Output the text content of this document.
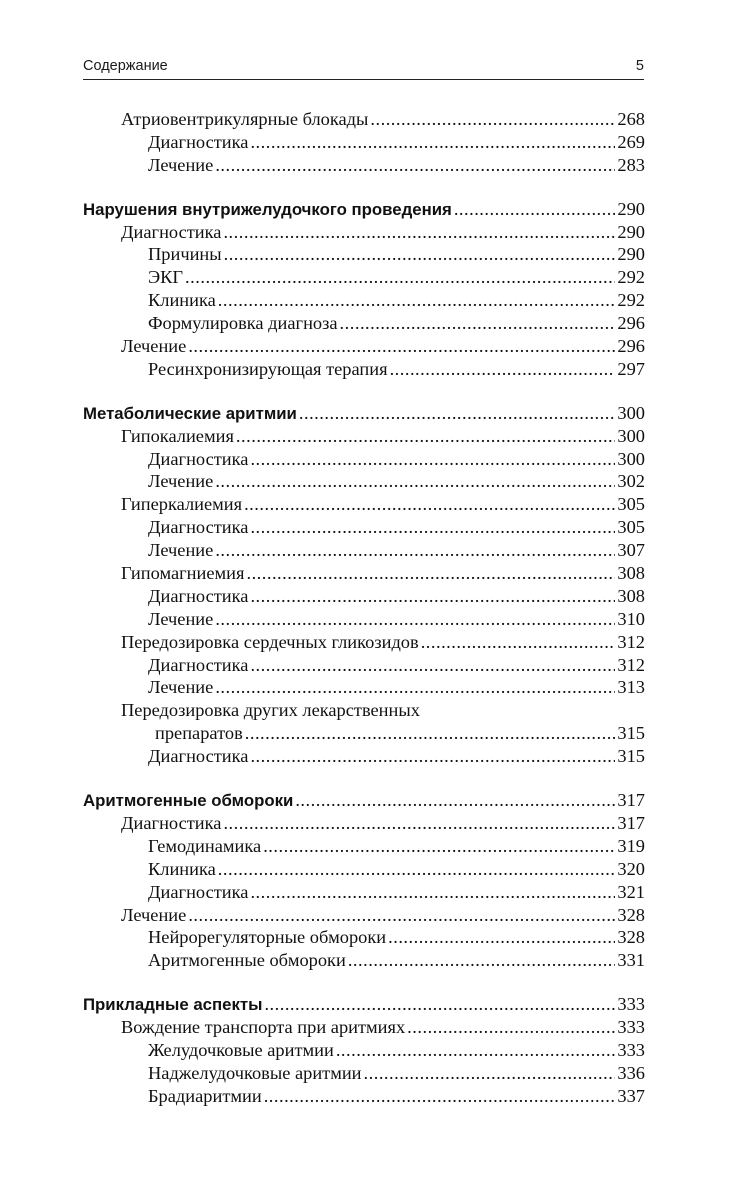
Содержание	5
Атриовентрикулярные блокады .....	268
Диагностика .....	269
Лечение .....	283
Нарушения внутрижелудочкого проведения .....	290
Диагностика .....	290
Причины .....	290
ЭКГ .....	292
Клиника .....	292
Формулировка диагноза .....	296
Лечение .....	296
Ресинхронизирующая терапия .....	297
Метаболические аритмии .....	300
Гипокалиемия .....	300
Диагностика .....	300
Лечение .....	302
Гиперкалиемия .....	305
Диагностика .....	305
Лечение .....	307
Гипомагниемия .....	308
Диагностика .....	308
Лечение .....	310
Передозировка сердечных гликозидов .....	312
Диагностика .....	312
Лечение .....	313
Передозировка других лекарственных
препаратов .....	315
Диагностика .....	315
Аритмогенные обмороки .....	317
Диагностика .....	317
Гемодинамика .....	319
Клиника .....	320
Диагностика .....	321
Лечение .....	328
Нейрорегуляторные обмороки .....	328
Аритмогенные обмороки .....	331
Прикладные аспекты .....	333
Вождение транспорта при аритмиях .....	333
Желудочковые аритмии .....	333
Наджелудочковые аритмии .....	336
Брадиаритмии .....	337
